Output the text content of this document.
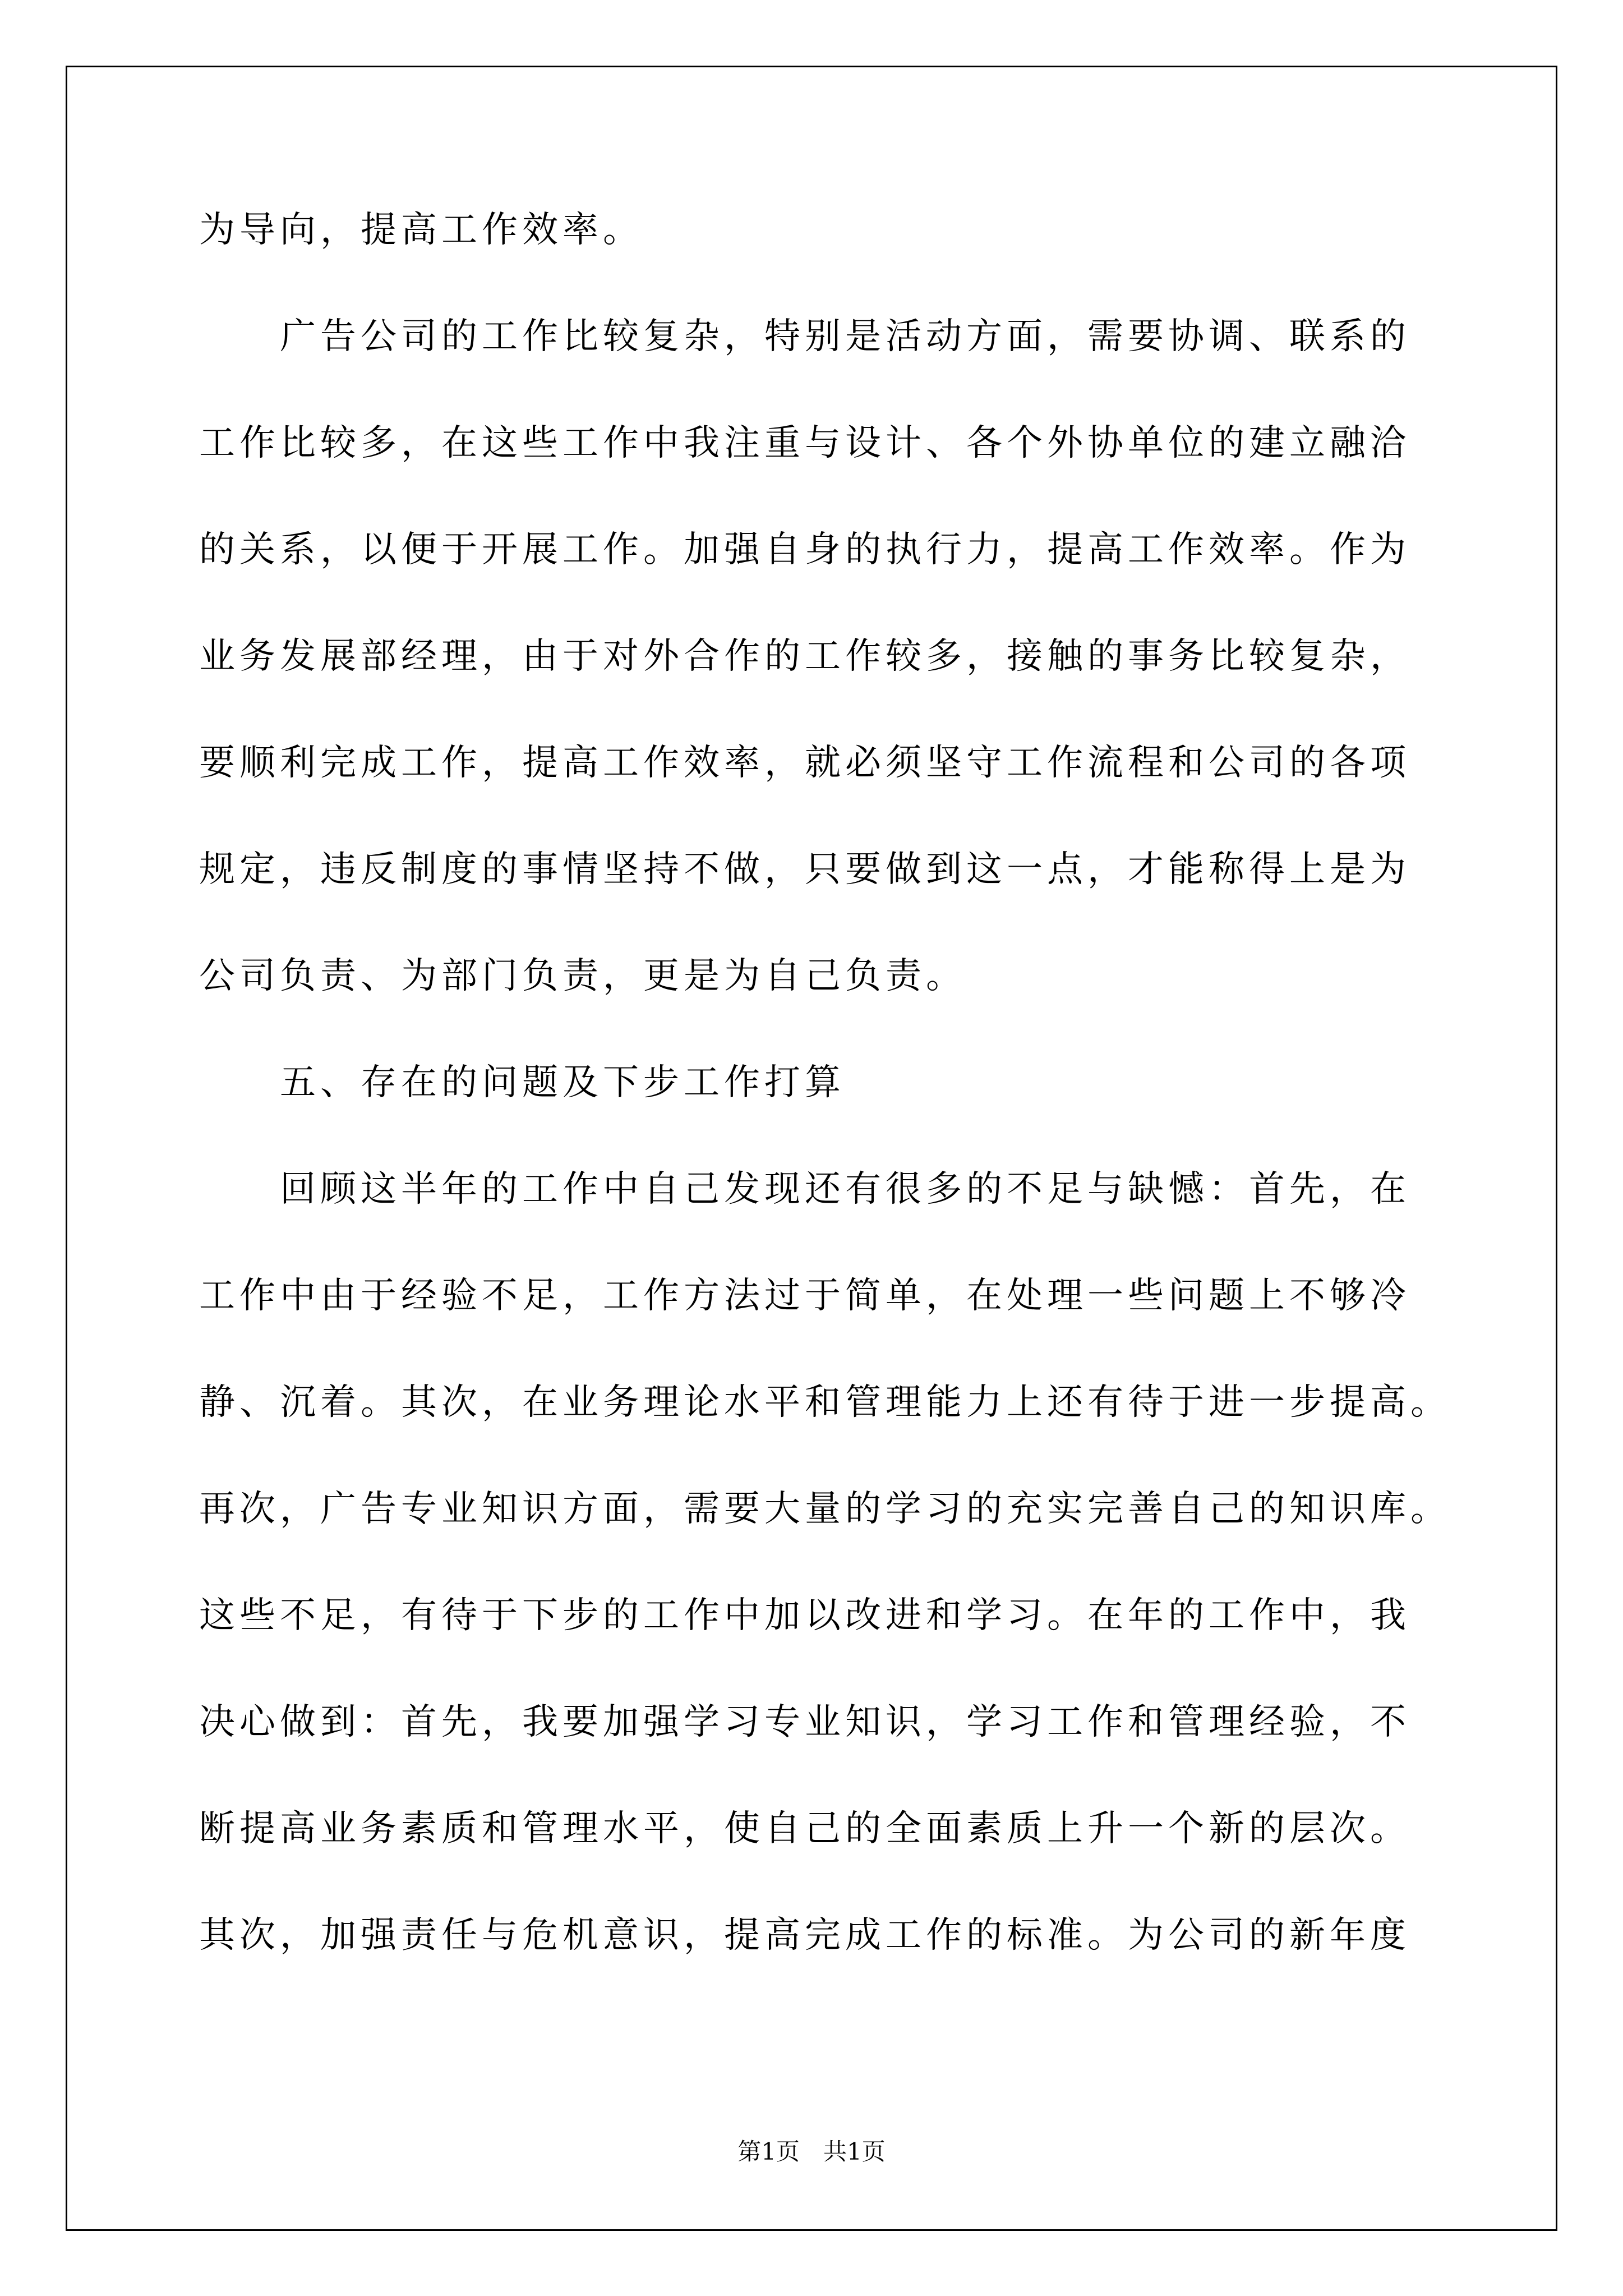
为导向，提高工作效率。
　　广告公司的工作比较复杂，特别是活动方面，需要协调、联系的
工作比较多，在这些工作中我注重与设计、各个外协单位的建立融洽
的关系，以便于开展工作。加强自身的执行力，提高工作效率。作为
业务发展部经理，由于对外合作的工作较多，接触的事务比较复杂，
要顺利完成工作，提高工作效率，就必须坚守工作流程和公司的各项
规定，违反制度的事情坚持不做，只要做到这一点，才能称得上是为
公司负责、为部门负责，更是为自己负责。
　　五、存在的问题及下步工作打算
　　回顾这半年的工作中自己发现还有很多的不足与缺憾：首先，在
工作中由于经验不足，工作方法过于简单，在处理一些问题上不够冷
静、沉着。其次，在业务理论水平和管理能力上还有待于进一步提高。
再次，广告专业知识方面，需要大量的学习的充实完善自己的知识库。
这些不足，有待于下步的工作中加以改进和学习。在年的工作中，我
决心做到：首先，我要加强学习专业知识，学习工作和管理经验，不
断提高业务素质和管理水平，使自己的全面素质上升一个新的层次。
其次，加强责任与危机意识，提高完成工作的标准。为公司的新年度
第1页　共1页
